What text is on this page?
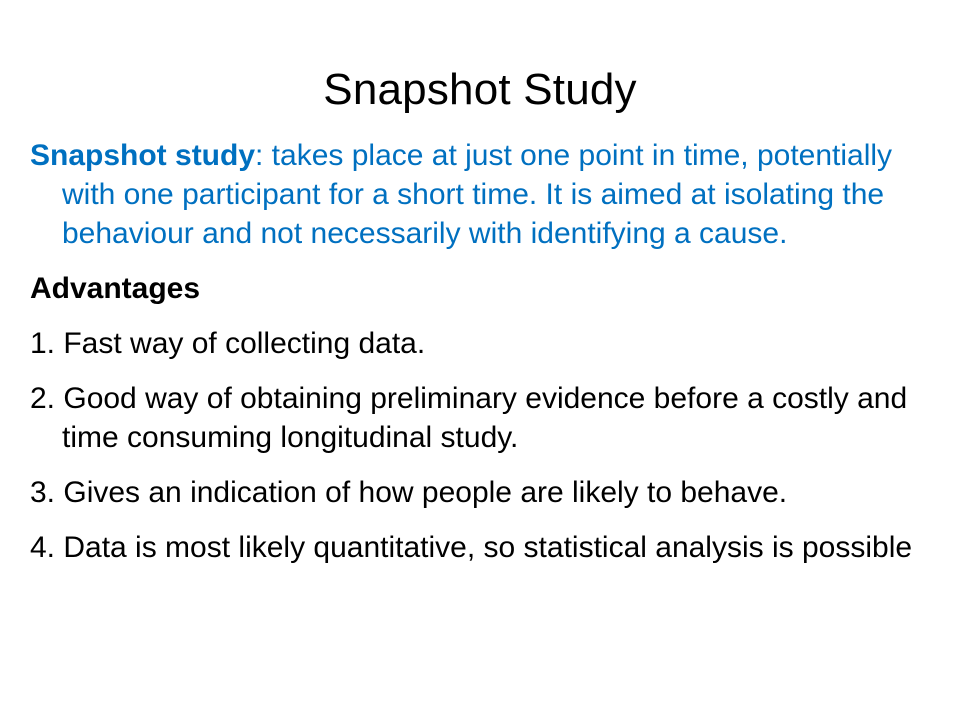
Snapshot Study

Snapshot study: takes place at just one point in time, potentially with one participant for a short time. It is aimed at isolating the behaviour and not necessarily with identifying a cause.

Advantages

1. Fast way of collecting data.

2. Good way of obtaining preliminary evidence before a costly and time consuming longitudinal study.

3. Gives an indication of how people are likely to behave.

4. Data is most likely quantitative, so statistical analysis is possible
